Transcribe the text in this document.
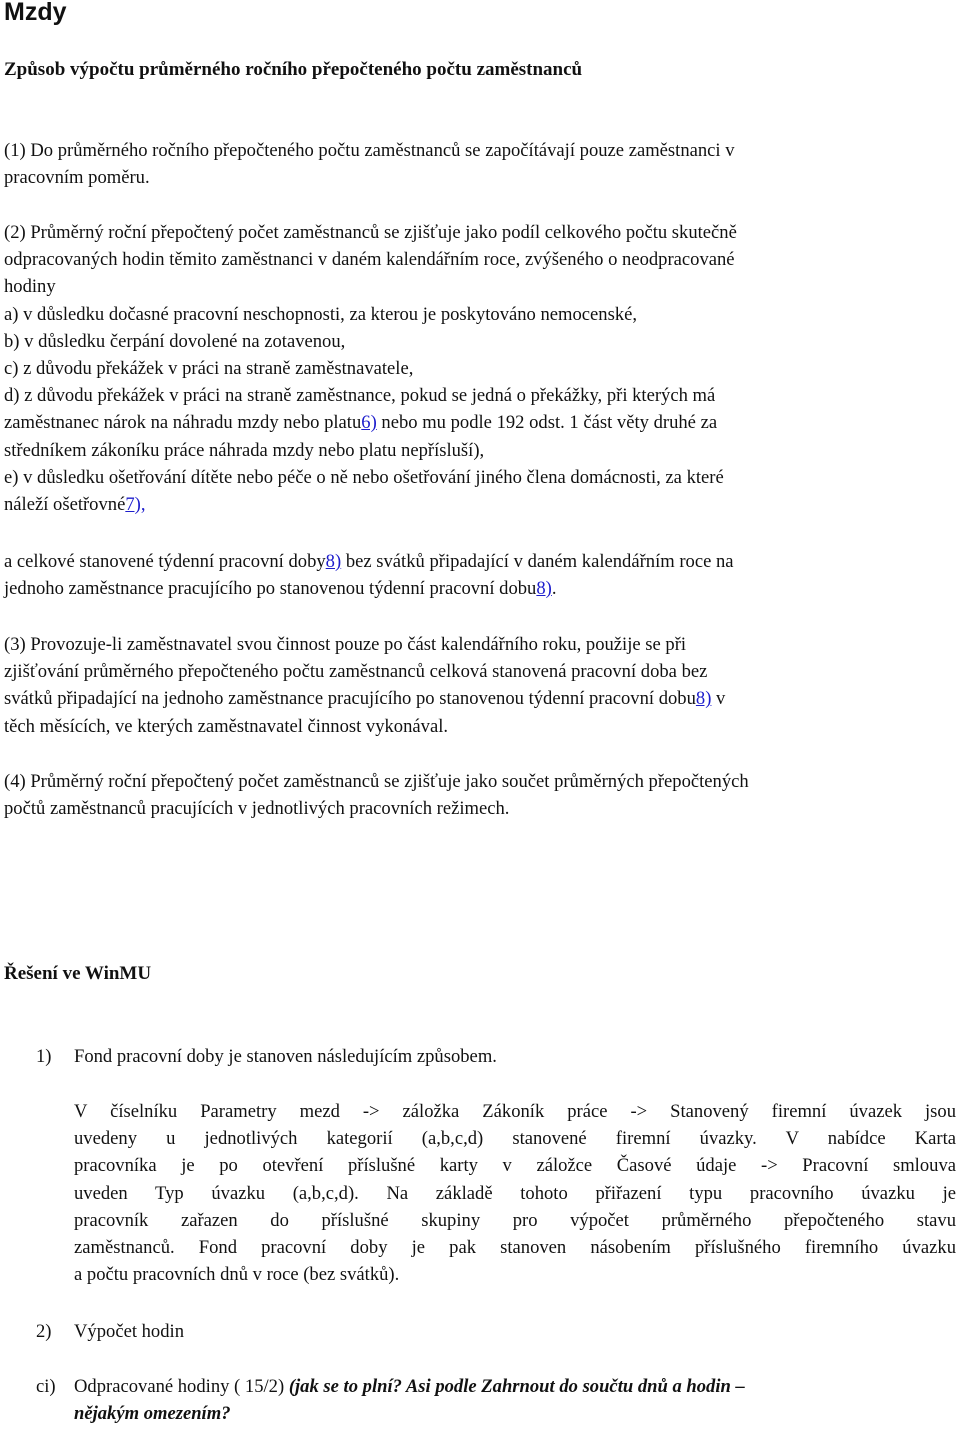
Mzdy
Způsob výpočtu průměrného ročního přepočteného počtu zaměstnanců
(1) Do průměrného ročního přepočteného počtu zaměstnanců se započítávají pouze zaměstnanci v
pracovním poměru.
(2) Průměrný roční přepočtený počet zaměstnanců se zjišťuje jako podíl celkového počtu skutečně
odpracovaných hodin těmito zaměstnanci v daném kalendářním roce, zvýšeného o neodpracované
hodiny
a) v důsledku dočasné pracovní neschopnosti, za kterou je poskytováno nemocenské,
b) v důsledku čerpání dovolené na zotavenou,
c) z důvodu překážek v práci na straně zaměstnavatele,
d) z důvodu překážek v práci na straně zaměstnance, pokud se jedná o překážky, při kterých má
zaměstnanec nárok na náhradu mzdy nebo platu6) nebo mu podle 192 odst. 1 část věty druhé za
středníkem zákoníku práce náhrada mzdy nebo platu nepřísluší),
e) v důsledku ošetřování dítěte nebo péče o ně nebo ošetřování jiného člena domácnosti, za které
náleží ošetřovné7),
a celkové stanovené týdenní pracovní doby8) bez svátků připadající v daném kalendářním roce na
jednoho zaměstnance pracujícího po stanovenou týdenní pracovní dobu8).
(3) Provozuje-li zaměstnavatel svou činnost pouze po část kalendářního roku, použije se při
zjišťování průměrného přepočteného počtu zaměstnanců celková stanovená pracovní doba bez
svátků připadající na jednoho zaměstnance pracujícího po stanovenou týdenní pracovní dobu8) v
těch měsících, ve kterých zaměstnavatel činnost vykonával.
(4) Průměrný roční přepočtený počet zaměstnanců se zjišťuje jako součet průměrných přepočtených
počtů zaměstnanců pracujících v jednotlivých pracovních režimech.
Řešení ve WinMU
1) Fond pracovní doby je stanoven následujícím způsobem.
V číselníku Parametry mezd -> záložka Zákoník práce -> Stanovený firemní úvazek jsou
uvedeny u jednotlivých kategorií (a,b,c,d) stanovené firemní úvazky. V nabídce Karta
pracovníka je po otevření příslušné karty v záložce Časové údaje -> Pracovní smlouva
uveden Typ úvazku (a,b,c,d). Na základě tohoto přiřazení typu pracovního úvazku je
pracovník zařazen do příslušné skupiny pro výpočet průměrného přepočteného stavu
zaměstnanců. Fond pracovní doby je pak stanoven násobením příslušného firemního úvazku
a počtu pracovních dnů v roce (bez svátků).
2) Výpočet hodin
ci) Odpracované hodiny ( 15/2) (jak se to plní? Asi podle Zahrnout do součtu dnů a hodin –
nějakým omezením?
